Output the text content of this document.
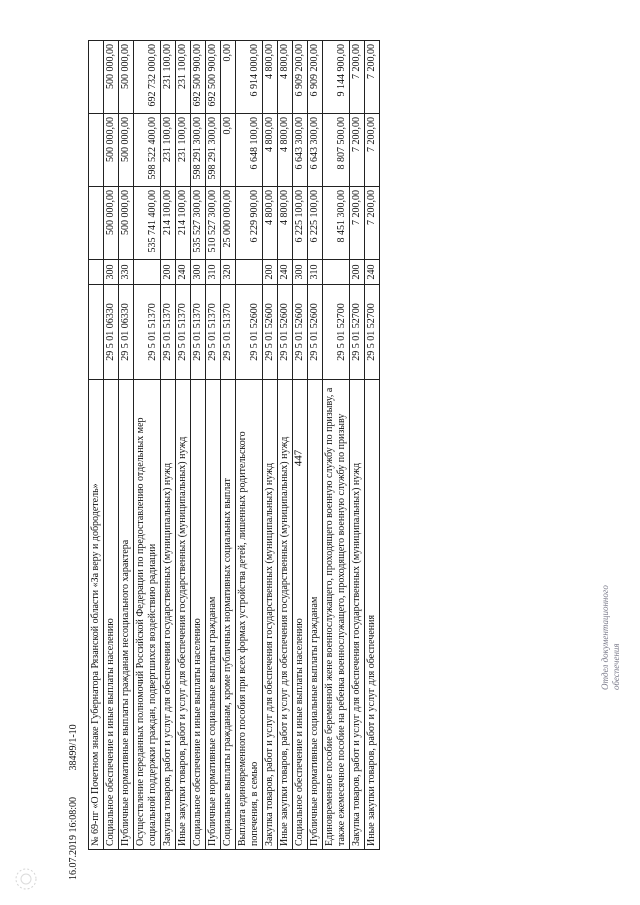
447
№ 69-пг «О Почетном знаке Губернатора Рязанской области «За веру и добродетель»					
Социальное обеспечение и иные выплаты населению	29 5 01 06330	300	500 000,00	500 000,00	500 000,00
Публичные нормативные выплаты гражданам несоциального характера	29 5 01 06330	330	500 000,00	500 000,00	500 000,00
Осуществление переданных полномочий Российской Федерации по предоставлению отдельных мер социальной поддержки граждан, подвергшихся воздействию радиации	29 5 01 51370		535 741 400,00	598 522 400,00	692 732 000,00
Закупка товаров, работ и услуг для обеспечения государственных (муниципальных) нужд	29 5 01 51370	200	214 100,00	231 100,00	231 100,00
Иные закупки товаров, работ и услуг для обеспечения государственных (муниципальных) нужд	29 5 01 51370	240	214 100,00	231 100,00	231 100,00
Социальное обеспечение и иные выплаты населению	29 5 01 51370	300	535 527 300,00	598 291 300,00	692 500 900,00
Публичные нормативные социальные выплаты гражданам	29 5 01 51370	310	510 527 300,00	598 291 300,00	692 500 900,00
Социальные выплаты гражданам, кроме публичных нормативных социальных выплат	29 5 01 51370	320	25 000 000,00	0,00	0,00
Выплата единовременного пособия при всех формах устройства детей, лишенных родительского попечения, в семью	29 5 01 52600		6 229 900,00	6 648 100,00	6 914 000,00
Закупка товаров, работ и услуг для обеспечения государственных (муниципальных) нужд	29 5 01 52600	200	4 800,00	4 800,00	4 800,00
Иные закупки товаров, работ и услуг для обеспечения государственных (муниципальных) нужд	29 5 01 52600	240	4 800,00	4 800,00	4 800,00
Социальное обеспечение и иные выплаты населению	29 5 01 52600	300	6 225 100,00	6 643 300,00	6 909 200,00
Публичные нормативные социальные выплаты гражданам	29 5 01 52600	310	6 225 100,00	6 643 300,00	6 909 200,00
Единовременное пособие беременной жене военнослужащего, проходящего военную службу по призыву, а также ежемесячное пособие на ребенка военнослужащего, проходящего военную службу по призыву	29 5 01 52700		8 451 300,00	8 807 500,00	9 144 900,00
Закупка товаров, работ и услуг для обеспечения государственных (муниципальных) нужд	29 5 01 52700	200	7 200,00	7 200,00	7 200,00
Иные закупки товаров, работ и услуг для обеспечения	29 5 01 52700	240	7 200,00	7 200,00	7 200,00
16.07.2019 16:08:00 38499/1-10
Отдел документационного обеспечения
